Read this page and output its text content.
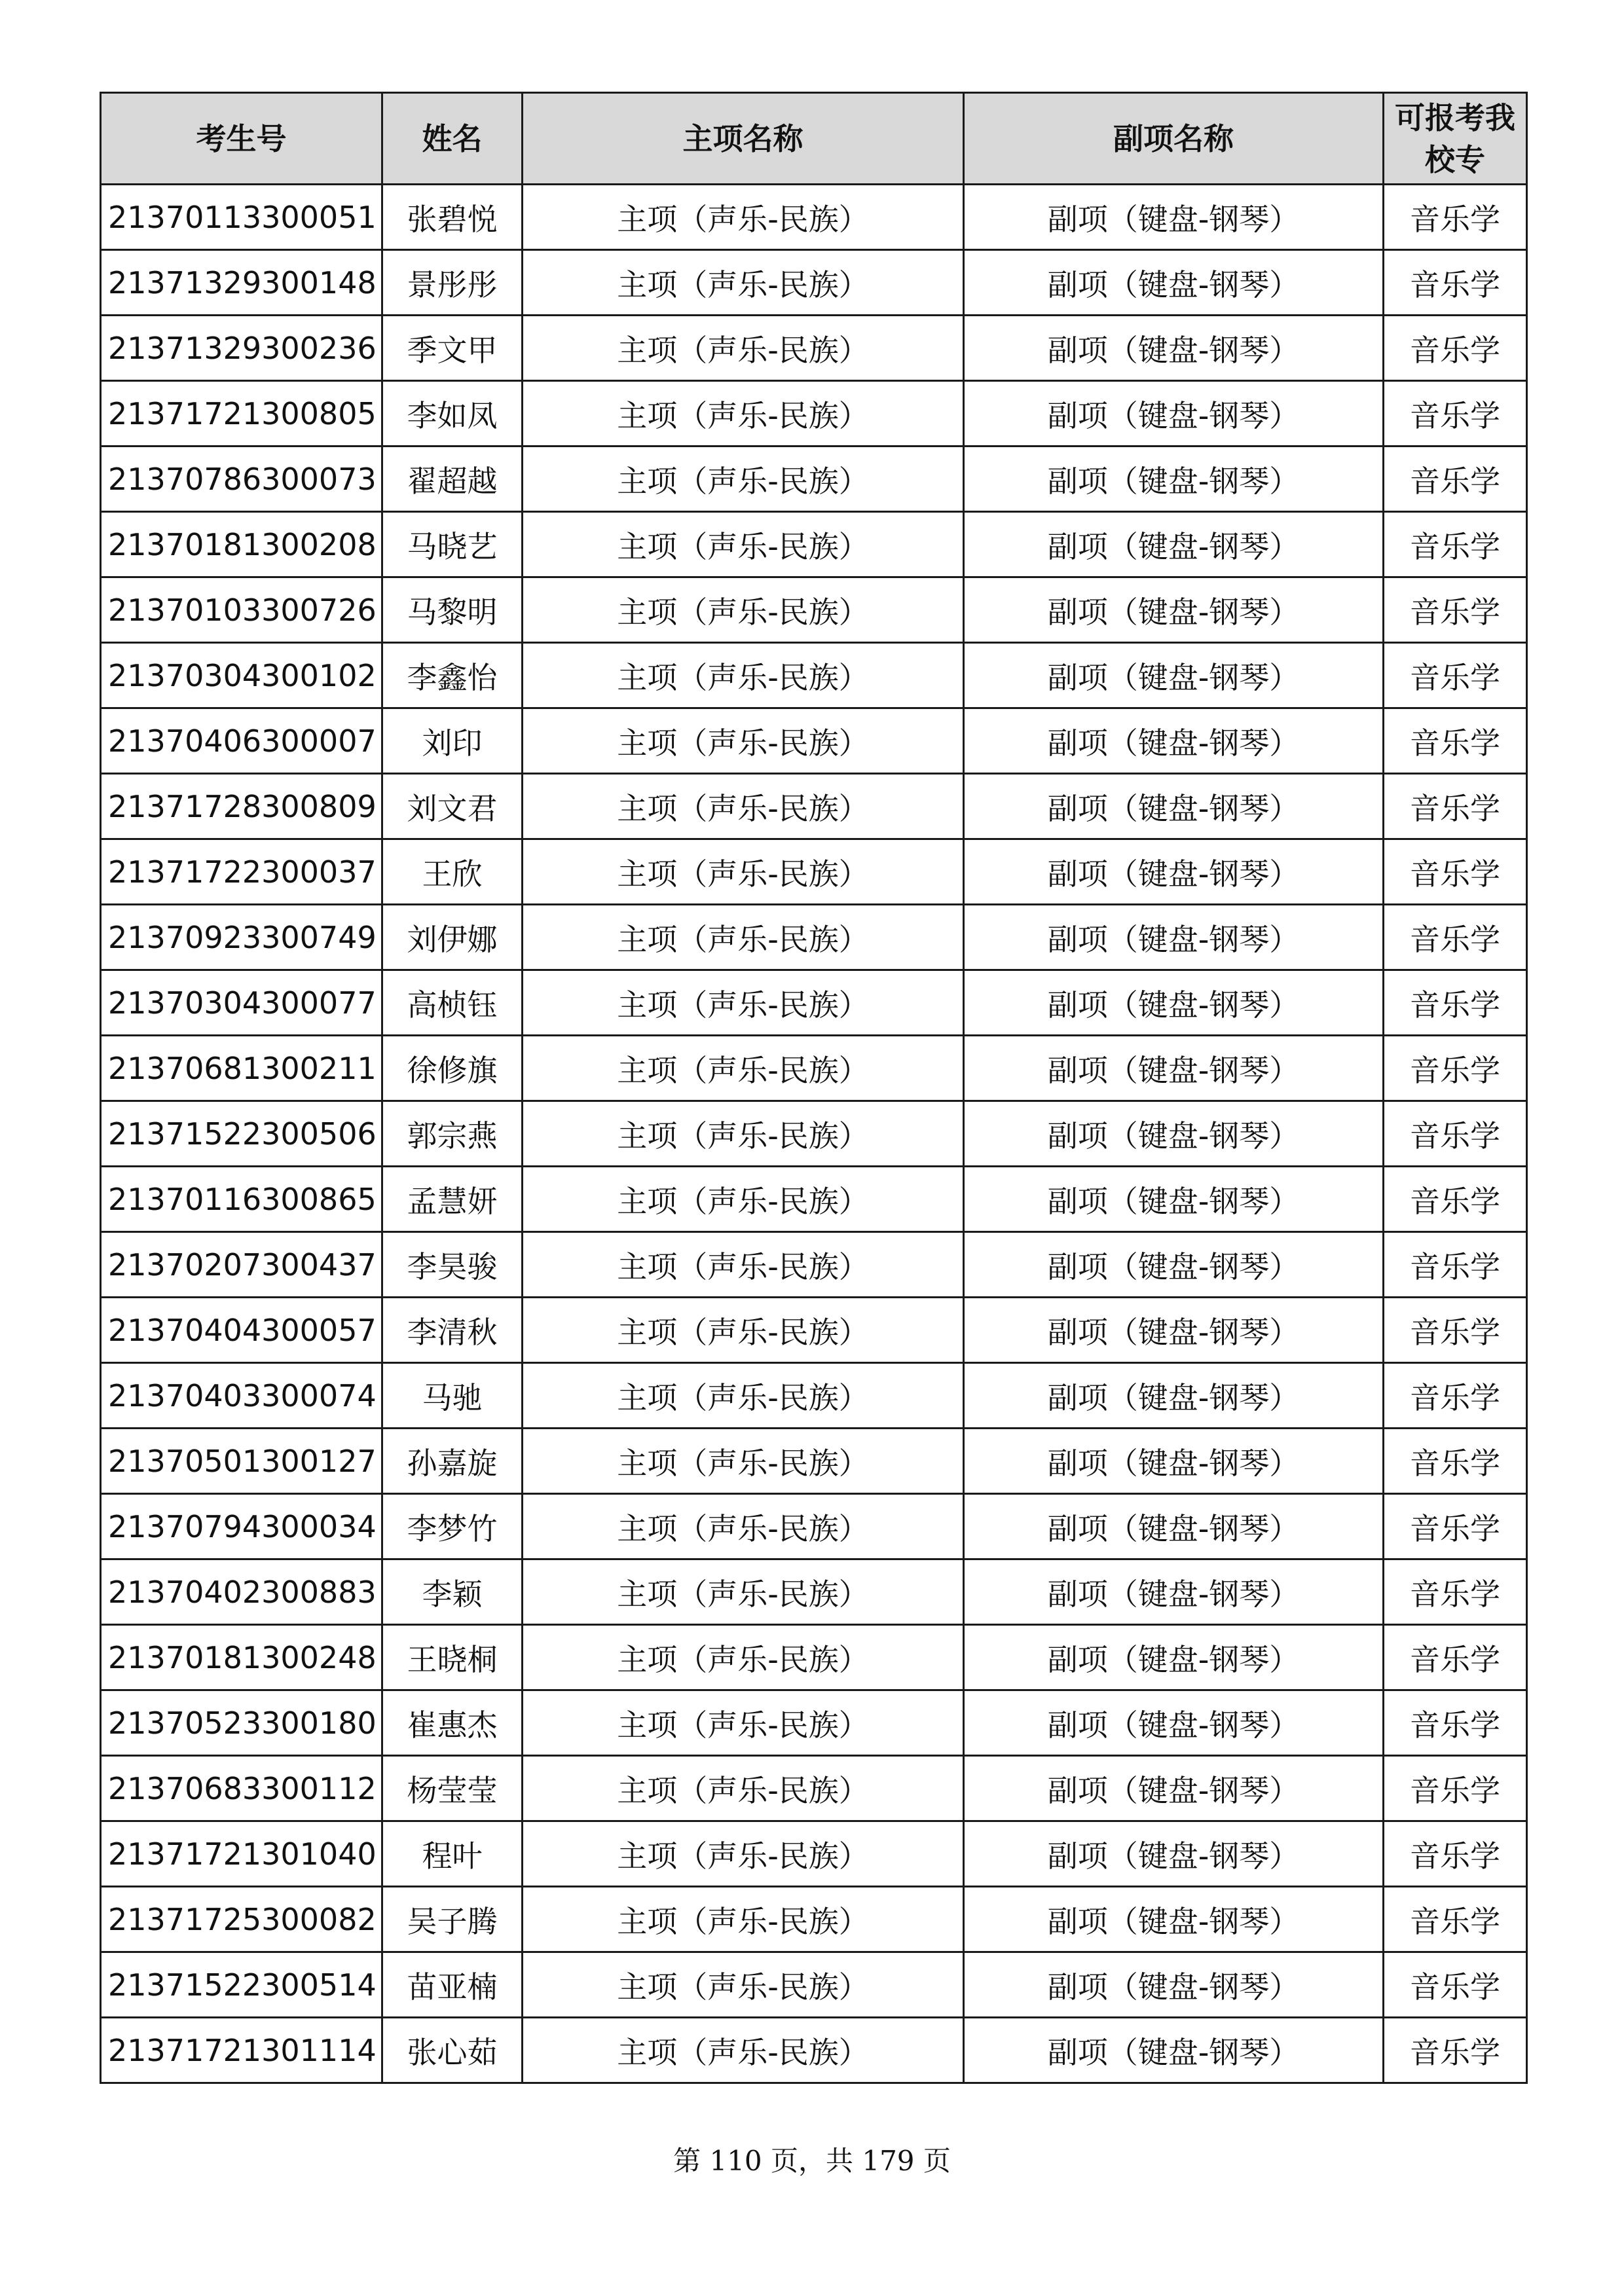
考生号	姓名	主项名称	副项名称	可报考我校专
21370113300051	张碧悦	主项（声乐-民族）	副项（键盘-钢琴）	音乐学
21371329300148	景彤彤	主项（声乐-民族）	副项（键盘-钢琴）	音乐学
21371329300236	季文甲	主项（声乐-民族）	副项（键盘-钢琴）	音乐学
21371721300805	李如凤	主项（声乐-民族）	副项（键盘-钢琴）	音乐学
21370786300073	翟超越	主项（声乐-民族）	副项（键盘-钢琴）	音乐学
21370181300208	马晓艺	主项（声乐-民族）	副项（键盘-钢琴）	音乐学
21370103300726	马黎明	主项（声乐-民族）	副项（键盘-钢琴）	音乐学
21370304300102	李鑫怡	主项（声乐-民族）	副项（键盘-钢琴）	音乐学
21370406300007	刘印	主项（声乐-民族）	副项（键盘-钢琴）	音乐学
21371728300809	刘文君	主项（声乐-民族）	副项（键盘-钢琴）	音乐学
21371722300037	王欣	主项（声乐-民族）	副项（键盘-钢琴）	音乐学
21370923300749	刘伊娜	主项（声乐-民族）	副项（键盘-钢琴）	音乐学
21370304300077	高桢钰	主项（声乐-民族）	副项（键盘-钢琴）	音乐学
21370681300211	徐修旗	主项（声乐-民族）	副项（键盘-钢琴）	音乐学
21371522300506	郭宗燕	主项（声乐-民族）	副项（键盘-钢琴）	音乐学
21370116300865	孟慧妍	主项（声乐-民族）	副项（键盘-钢琴）	音乐学
21370207300437	李昊骏	主项（声乐-民族）	副项（键盘-钢琴）	音乐学
21370404300057	李清秋	主项（声乐-民族）	副项（键盘-钢琴）	音乐学
21370403300074	马驰	主项（声乐-民族）	副项（键盘-钢琴）	音乐学
21370501300127	孙嘉旋	主项（声乐-民族）	副项（键盘-钢琴）	音乐学
21370794300034	李梦竹	主项（声乐-民族）	副项（键盘-钢琴）	音乐学
21370402300883	李颖	主项（声乐-民族）	副项（键盘-钢琴）	音乐学
21370181300248	王晓桐	主项（声乐-民族）	副项（键盘-钢琴）	音乐学
21370523300180	崔惠杰	主项（声乐-民族）	副项（键盘-钢琴）	音乐学
21370683300112	杨莹莹	主项（声乐-民族）	副项（键盘-钢琴）	音乐学
21371721301040	程叶	主项（声乐-民族）	副项（键盘-钢琴）	音乐学
21371725300082	吴子腾	主项（声乐-民族）	副项（键盘-钢琴）	音乐学
21371522300514	苗亚楠	主项（声乐-民族）	副项（键盘-钢琴）	音乐学
21371721301114	张心茹	主项（声乐-民族）	副项（键盘-钢琴）	音乐学
第 110 页，共 179 页
